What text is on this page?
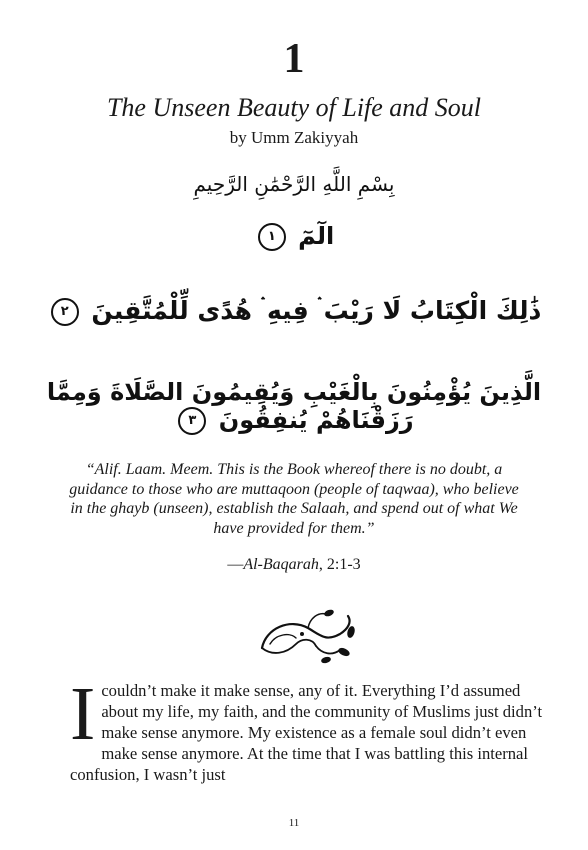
1
The Unseen Beauty of Life and Soul
by Umm Zakiyyah
بِسْمِ اللَّهِ الرَّحْمَٰنِ الرَّحِيمِ
الٓمٓ ١
ذَٰلِكَ الْكِتَابُ لَا رَيْبَ ۛ فِيهِ ۛ هُدًى لِّلْمُتَّقِينَ ٢
الَّذِينَ يُؤْمِنُونَ بِالْغَيْبِ وَيُقِيمُونَ الصَّلَاةَ وَمِمَّا رَزَقْنَاهُمْ يُنفِقُونَ ٣
“Alif. Laam. Meem. This is the Book whereof there is no doubt, a guidance to those who are muttaqoon (people of taqwaa), who believe in the ghayb (unseen), establish the Salaah, and spend out of what We have provided for them.”
—Al-Baqarah, 2:1-3
Icouldn’t make it make sense, any of it. Everything I’d assumed about my life, my faith, and the community of Muslims just didn’t make sense anymore. My existence as a female soul didn’t even make sense anymore. At the time that I was battling this internal confusion, I wasn’t just
11
